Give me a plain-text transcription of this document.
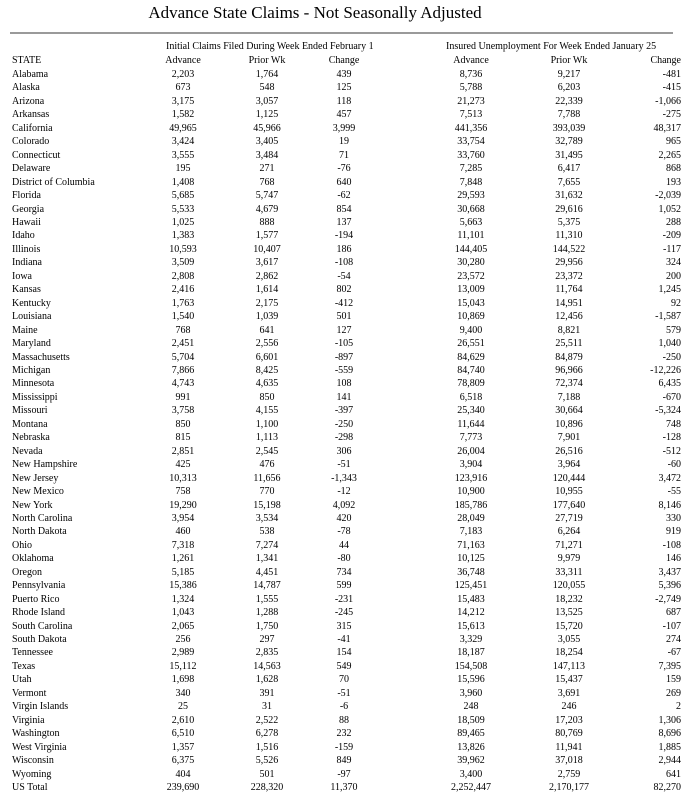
Advance State Claims - Not Seasonally Adjusted
Initial Claims Filed During Week Ended February 1	Insured Unemployment For Week Ended January 25
STATE	Advance	Prior Wk	Change	Advance	Prior Wk	Change
Alabama	2,203	1,764	439	8,736	9,217	-481
Alaska	673	548	125	5,788	6,203	-415
Arizona	3,175	3,057	118	21,273	22,339	-1,066
Arkansas	1,582	1,125	457	7,513	7,788	-275
California	49,965	45,966	3,999	441,356	393,039	48,317
Colorado	3,424	3,405	19	33,754	32,789	965
Connecticut	3,555	3,484	71	33,760	31,495	2,265
Delaware	195	271	-76	7,285	6,417	868
District of Columbia	1,408	768	640	7,848	7,655	193
Florida	5,685	5,747	-62	29,593	31,632	-2,039
Georgia	5,533	4,679	854	30,668	29,616	1,052
Hawaii	1,025	888	137	5,663	5,375	288
Idaho	1,383	1,577	-194	11,101	11,310	-209
Illinois	10,593	10,407	186	144,405	144,522	-117
Indiana	3,509	3,617	-108	30,280	29,956	324
Iowa	2,808	2,862	-54	23,572	23,372	200
Kansas	2,416	1,614	802	13,009	11,764	1,245
Kentucky	1,763	2,175	-412	15,043	14,951	92
Louisiana	1,540	1,039	501	10,869	12,456	-1,587
Maine	768	641	127	9,400	8,821	579
Maryland	2,451	2,556	-105	26,551	25,511	1,040
Massachusetts	5,704	6,601	-897	84,629	84,879	-250
Michigan	7,866	8,425	-559	84,740	96,966	-12,226
Minnesota	4,743	4,635	108	78,809	72,374	6,435
Mississippi	991	850	141	6,518	7,188	-670
Missouri	3,758	4,155	-397	25,340	30,664	-5,324
Montana	850	1,100	-250	11,644	10,896	748
Nebraska	815	1,113	-298	7,773	7,901	-128
Nevada	2,851	2,545	306	26,004	26,516	-512
New Hampshire	425	476	-51	3,904	3,964	-60
New Jersey	10,313	11,656	-1,343	123,916	120,444	3,472
New Mexico	758	770	-12	10,900	10,955	-55
New York	19,290	15,198	4,092	185,786	177,640	8,146
North Carolina	3,954	3,534	420	28,049	27,719	330
North Dakota	460	538	-78	7,183	6,264	919
Ohio	7,318	7,274	44	71,163	71,271	-108
Oklahoma	1,261	1,341	-80	10,125	9,979	146
Oregon	5,185	4,451	734	36,748	33,311	3,437
Pennsylvania	15,386	14,787	599	125,451	120,055	5,396
Puerto Rico	1,324	1,555	-231	15,483	18,232	-2,749
Rhode Island	1,043	1,288	-245	14,212	13,525	687
South Carolina	2,065	1,750	315	15,613	15,720	-107
South Dakota	256	297	-41	3,329	3,055	274
Tennessee	2,989	2,835	154	18,187	18,254	-67
Texas	15,112	14,563	549	154,508	147,113	7,395
Utah	1,698	1,628	70	15,596	15,437	159
Vermont	340	391	-51	3,960	3,691	269
Virgin Islands	25	31	-6	248	246	2
Virginia	2,610	2,522	88	18,509	17,203	1,306
Washington	6,510	6,278	232	89,465	80,769	8,696
West Virginia	1,357	1,516	-159	13,826	11,941	1,885
Wisconsin	6,375	5,526	849	39,962	37,018	2,944
Wyoming	404	501	-97	3,400	2,759	641
US Total	239,690	228,320	11,370	2,252,447	2,170,177	82,270
